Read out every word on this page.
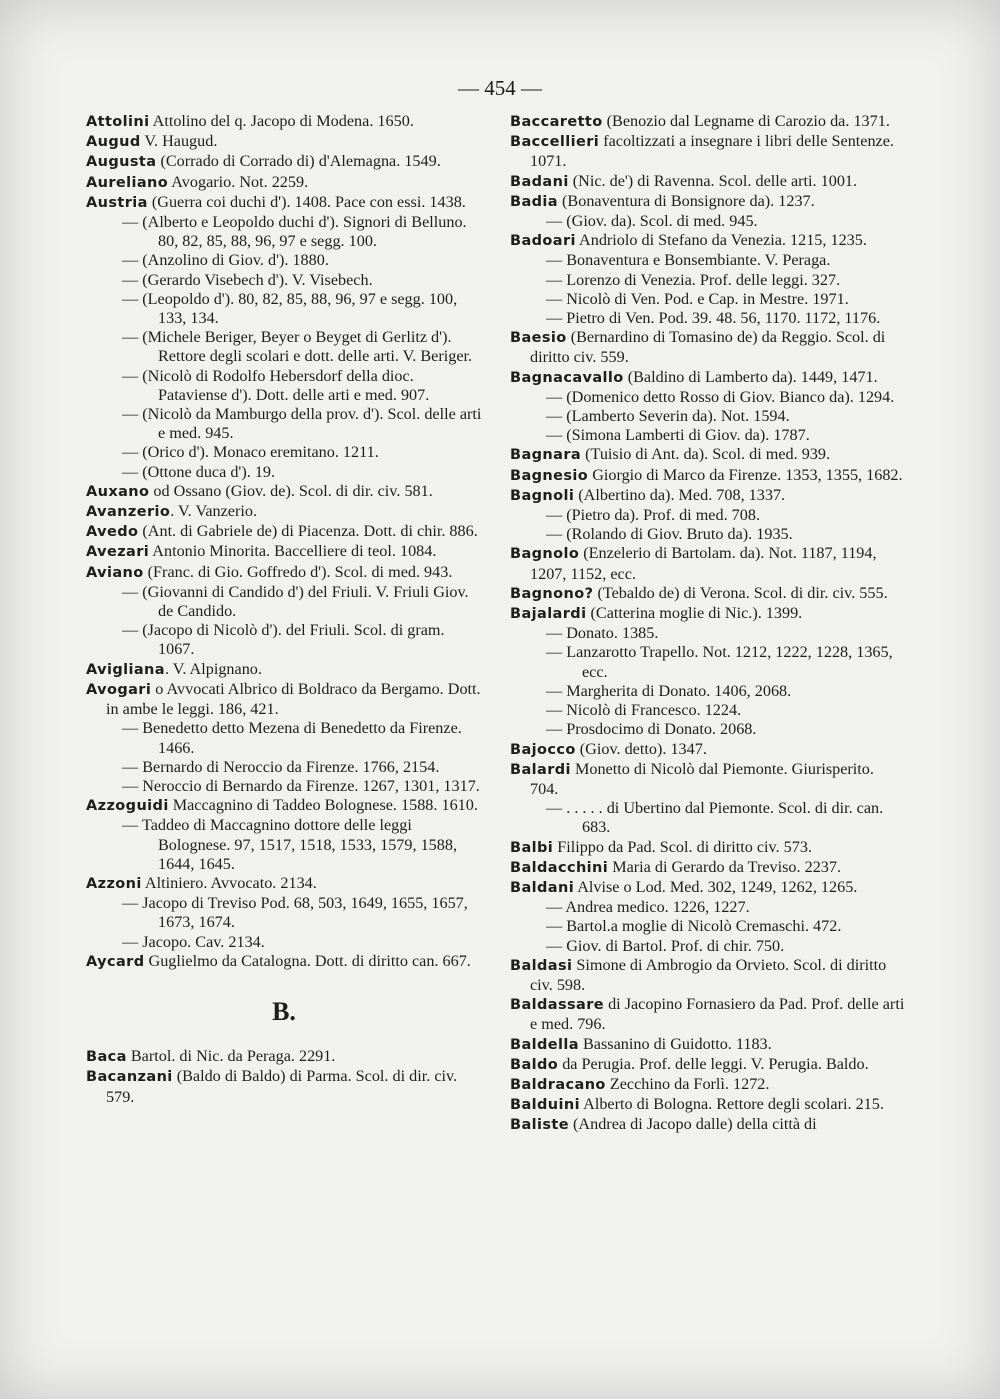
— 454 —
Attolini Attolino del q. Jacopo di Modena. 1650.
Augud V. Haugud.
Augusta (Corrado di Corrado di) d'Alemagna. 1549.
Aureliano Avogario. Not. 2259.
Austria (Guerra coi duchi d'). 1408. Pace con essi. 1438.
— (Alberto e Leopoldo duchi d'). Signori di Bellunо. 80, 82, 85, 88, 96, 97 e segg. 100.
— (Anzolino di Giov. d'). 1880.
— (Gerardo Visebech d'). V. Visebech.
— (Leopoldo d'). 80, 82, 85, 88, 96, 97 e segg. 100, 133, 134.
— (Michele Beriger, Beyer o Beyget di Gerlitz d'). Rettore degli scolari e dott. delle arti. V. Beriger.
— (Nicolò di Rodolfo Hebersdorf della dioc. Pataviense d'). Dott. delle arti e med. 907.
— (Nicolò da Mamburgo della prov. d'). Scol. delle arti e med. 945.
— (Orico d'). Monaco eremitano. 1211.
— (Ottone duca d'). 19.
Auxano od Ossano (Giov. de). Scol. di dir. civ. 581.
Avanzerio. V. Vanzerio.
Avedo (Ant. di Gabriele de) di Piacenza. Dott. di chir. 886.
Avezari Antonio Minorita. Baccelliere di teol. 1084.
Aviano (Franc. di Gio. Goffredo d'). Scol. di med. 943.
— (Giovanni di Candido d') del Friuli. V. Friuli Giov. de Candido.
— (Jacopo di Nicolò d'). del Friuli. Scol. di gram. 1067.
Avigliana. V. Alpignano.
Avogari o Avvocati Albrico di Boldraco da Bergamo. Dott. in ambe le leggi. 186, 421.
— Benedetto detto Mezena di Benedetto da Firenze. 1466.
— Bernardo di Neroccio da Firenze. 1766, 2154.
— Neroccio di Bernardo da Firenze. 1267, 1301, 1317.
Azzoguidi Maccagnino di Taddeo Bolognese. 1588. 1610.
— Taddeo di Maccagnino dottore delle leggi Bolognese. 97, 1517, 1518, 1533, 1579, 1588, 1644, 1645.
Azzoni Altiniero. Avvocato. 2134.
— Jacopo di Treviso Pod. 68, 503, 1649, 1655, 1657, 1673, 1674.
— Jacopo. Cav. 2134.
Aycard Guglielmo da Catalogna. Dott. di diritto can. 667.
B.
Baca Bartol. di Nic. da Peraga. 2291.
Bacanzani (Baldo di Baldo) di Parma. Scol. di dir. civ. 579.
Baccaretto (Benozio dal Legname di Carozio da. 1371.
Baccellieri facoltizzati a insegnare i libri delle Sentenze. 1071.
Badani (Nic. de') di Ravenna. Scol. delle arti. 1001.
Badia (Bonaventura di Bonsignore da). 1237.
— (Giov. da). Scol. di med. 945.
Badoari Andriolo di Stefano da Venezia. 1215, 1235.
— Bonaventura e Bonsembiante. V. Peraga.
— Lorenzo di Venezia. Prof. delle leggi. 327.
— Nicolò di Ven. Pod. e Cap. in Mestre. 1971.
— Pietro di Ven. Pod. 39. 48. 56, 1170. 1172, 1176.
Baesio (Bernardino di Tomasino de) da Reggio. Scol. di diritto civ. 559.
Bagnacavallo (Baldino di Lamberto da). 1449, 1471.
— (Domenico detto Rosso di Giov. Bianco da). 1294.
— (Lamberto Severin da). Not. 1594.
— (Simona Lamberti di Giov. da). 1787.
Bagnara (Tuisio di Ant. da). Scol. di med. 939.
Bagnesio Giorgio di Marco da Firenze. 1353, 1355, 1682.
Bagnoli (Albertino da). Med. 708, 1337.
— (Pietro da). Prof. di med. 708.
— (Rolando di Giov. Bruto da). 1935.
Bagnolo (Enzelerio di Bartolam. da). Not. 1187, 1194, 1207, 1152, ecc.
Bagnono? (Tebaldo de) di Verona. Scol. di dir. civ. 555.
Bajalardi (Catterina moglie di Nic.). 1399.
— Donato. 1385.
— Lanzarotto Trapello. Not. 1212, 1222, 1228, 1365, ecc.
— Margherita di Donato. 1406, 2068.
— Nicolò di Francesco. 1224.
— Prosdocimo di Donato. 2068.
Bajocco (Giov. detto). 1347.
Balardi Monetto di Nicolò dal Piemonte. Giurisperito. 704.
— . . . . . di Ubertino dal Piemonte. Scol. di dir. can. 683.
Balbi Filippo da Pad. Scol. di diritto civ. 573.
Baldacchini Maria di Gerardo da Treviso. 2237.
Baldani Alvise o Lod. Med. 302, 1249, 1262, 1265.
— Andrea medico. 1226, 1227.
— Bartol.a moglie di Nicolò Cremaschi. 472.
— Giov. di Bartol. Prof. di chir. 750.
Baldasi Simone di Ambrogio da Orvieto. Scol. di diritto civ. 598.
Baldassare di Jacopino Fornasiero da Pad. Prof. delle arti e med. 796.
Baldella Bassanino di Guidotto. 1183.
Baldo da Perugia. Prof. delle leggi. V. Perugia. Baldo.
Baldracano Zecchino da Forlì. 1272.
Balduini Alberto di Bologna. Rettore degli scolari. 215.
Baliste (Andrea di Jacopo dalle) della città di
